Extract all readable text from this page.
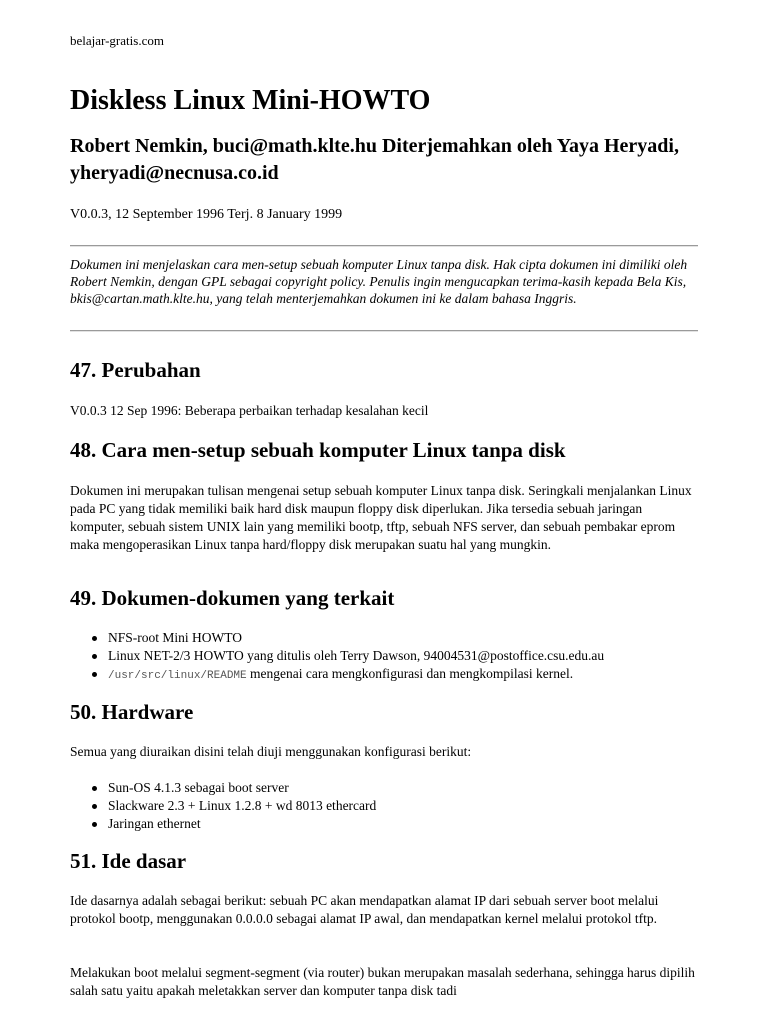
belajar-gratis.com
Diskless Linux Mini-HOWTO
Robert Nemkin, buci@math.klte.hu Diterjemahkan oleh Yaya Heryadi, yheryadi@necnusa.co.id
V0.0.3, 12 September 1996 Terj. 8 January 1999

Dokumen ini menjelaskan cara men-setup sebuah komputer Linux tanpa disk. Hak cipta dokumen ini dimiliki oleh Robert Nemkin, dengan GPL sebagai copyright policy. Penulis ingin mengucapkan terima-kasih kepada Bela Kis, bkis@cartan.math.klte.hu, yang telah menterjemahkan dokumen ini ke dalam bahasa Inggris.

47. Perubahan

V0.0.3 12 Sep 1996: Beberapa perbaikan terhadap kesalahan kecil

48. Cara men-setup sebuah komputer Linux tanpa disk

Dokumen ini merupakan tulisan mengenai setup sebuah komputer Linux tanpa disk. Seringkali menjalankan Linux pada PC yang tidak memiliki baik hard disk maupun floppy disk diperlukan. Jika tersedia sebuah jaringan komputer, sebuah sistem UNIX lain yang memiliki bootp, tftp, sebuah NFS server, dan sebuah pembakar eprom maka mengoperasikan Linux tanpa hard/floppy disk merupakan suatu hal yang mungkin.

49. Dokumen-dokumen yang terkait
NFS-root Mini HOWTO
Linux NET-2/3 HOWTO yang ditulis oleh Terry Dawson, 94004531@postoffice.csu.edu.au
/usr/src/linux/README mengenai cara mengkonfigurasi dan mengkompilasi kernel.
50. Hardware

Semua yang diuraikan disini telah diuji menggunakan konfigurasi berikut:

Sun-OS 4.1.3 sebagai boot server
Slackware 2.3 + Linux 1.2.8 + wd 8013 ethercard
Jaringan ethernet
51. Ide dasar

Ide dasarnya adalah sebagai berikut: sebuah PC akan mendapatkan alamat IP dari sebuah server boot melalui protokol bootp, menggunakan 0.0.0.0 sebagai alamat IP awal, dan mendapatkan kernel melalui protokol tftp.

Melakukan boot melalui segment-segment (via router) bukan merupakan masalah sederhana, sehingga harus dipilih salah satu yaitu apakah meletakkan server dan komputer tanpa disk tadi
